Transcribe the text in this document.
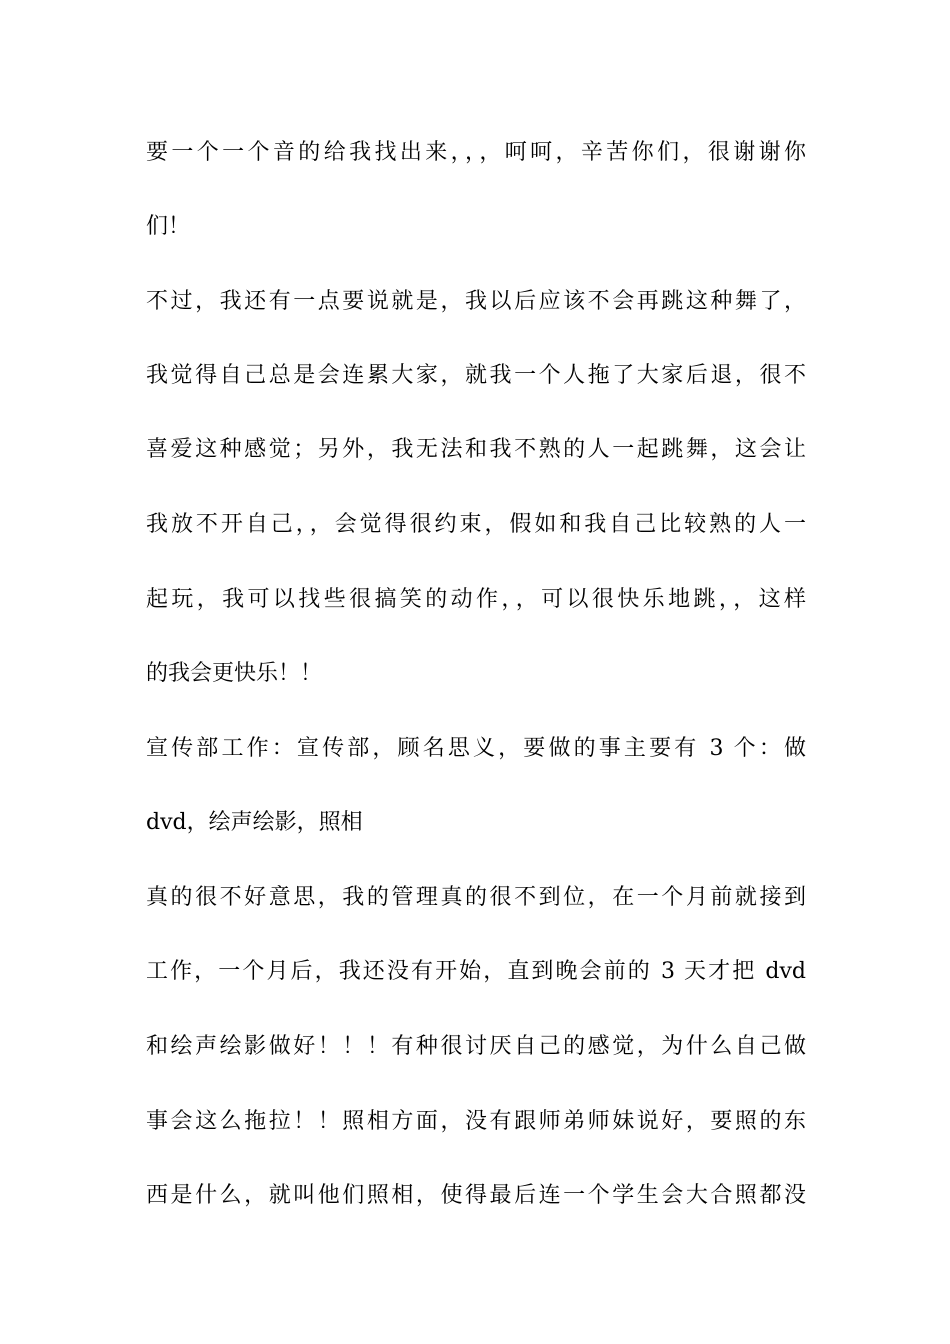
要一个一个音的给我找出来，，，呵呵，辛苦你们，很谢谢你
们！
不过，我还有一点要说就是，我以后应该不会再跳这种舞了，
我觉得自己总是会连累大家，就我一个人拖了大家后退，很不
喜爱这种感觉；另外，我无法和我不熟的人一起跳舞，这会让
我放不开自己，，会觉得很约束，假如和我自己比较熟的人一
起玩，我可以找些很搞笑的动作，，可以很快乐地跳，，这样
的我会更快乐！！
宣传部工作：宣传部，顾名思义，要做的事主要有 3 个：做
dvd，绘声绘影，照相
真的很不好意思，我的管理真的很不到位，在一个月前就接到
工作，一个月后，我还没有开始，直到晚会前的 3 天才把 dvd
和绘声绘影做好！！！有种很讨厌自己的感觉，为什么自己做
事会这么拖拉！！照相方面，没有跟师弟师妹说好，要照的东
西是什么，就叫他们照相，使得最后连一个学生会大合照都没
